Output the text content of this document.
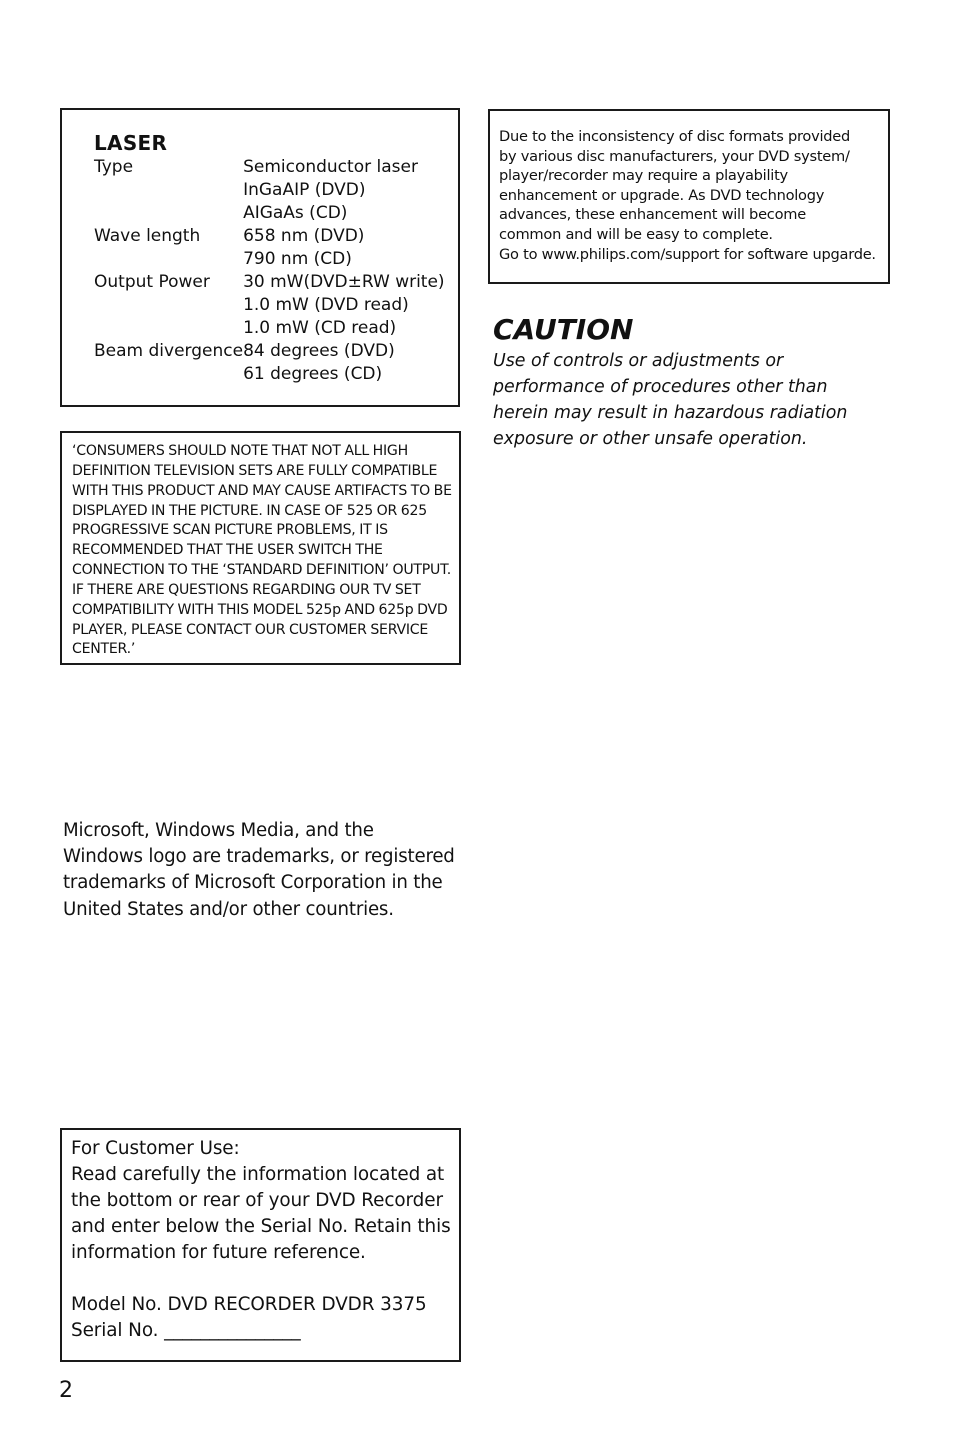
LASER
Type	Semiconductor laser
	InGaAIP (DVD)
	AIGaAs (CD)
Wave length	658 nm (DVD)
	790 nm (CD)
Output Power	30 mW(DVD±RW write)
	1.0 mW (DVD read)
	1.0 mW (CD read)
Beam divergence	84 degrees (DVD)
	61 degrees (CD)

‘CONSUMERS SHOULD NOTE THAT NOT ALL HIGH DEFINITION TELEVISION SETS ARE FULLY COMPATIBLE WITH THIS PRODUCT AND MAY CAUSE ARTIFACTS TO BE DISPLAYED IN THE PICTURE. IN CASE OF 525 OR 625 PROGRESSIVE SCAN PICTURE PROBLEMS, IT IS RECOMMENDED THAT THE USER SWITCH THE CONNECTION TO THE ‘STANDARD DEFINITION’ OUTPUT. IF THERE ARE QUESTIONS REGARDING OUR TV SET COMPATIBILITY WITH THIS MODEL 525p AND 625p DVD PLAYER, PLEASE CONTACT OUR CUSTOMER SERVICE CENTER.’

Due to the inconsistency of disc formats provided
by various disc manufacturers, your DVD system/
player/recorder may require a playability
enhancement or upgrade. As DVD technology
advances, these enhancement will become
common and will be easy to complete.
Go to www.philips.com/support for software upgarde.
CAUTION
Use of controls or adjustments or
performance of procedures other than
herein may result in hazardous radiation
exposure or other unsafe operation.
Microsoft, Windows Media, and the
Windows logo are trademarks, or registered
trademarks of Microsoft Corporation in the
United States and/or other countries.
For Customer Use:
Read carefully the information located at
the bottom or rear of your DVD Recorder
and enter below the Serial No. Retain this
information for future reference.
Model No. DVD RECORDER DVDR 3375
Serial No. _______________
2
